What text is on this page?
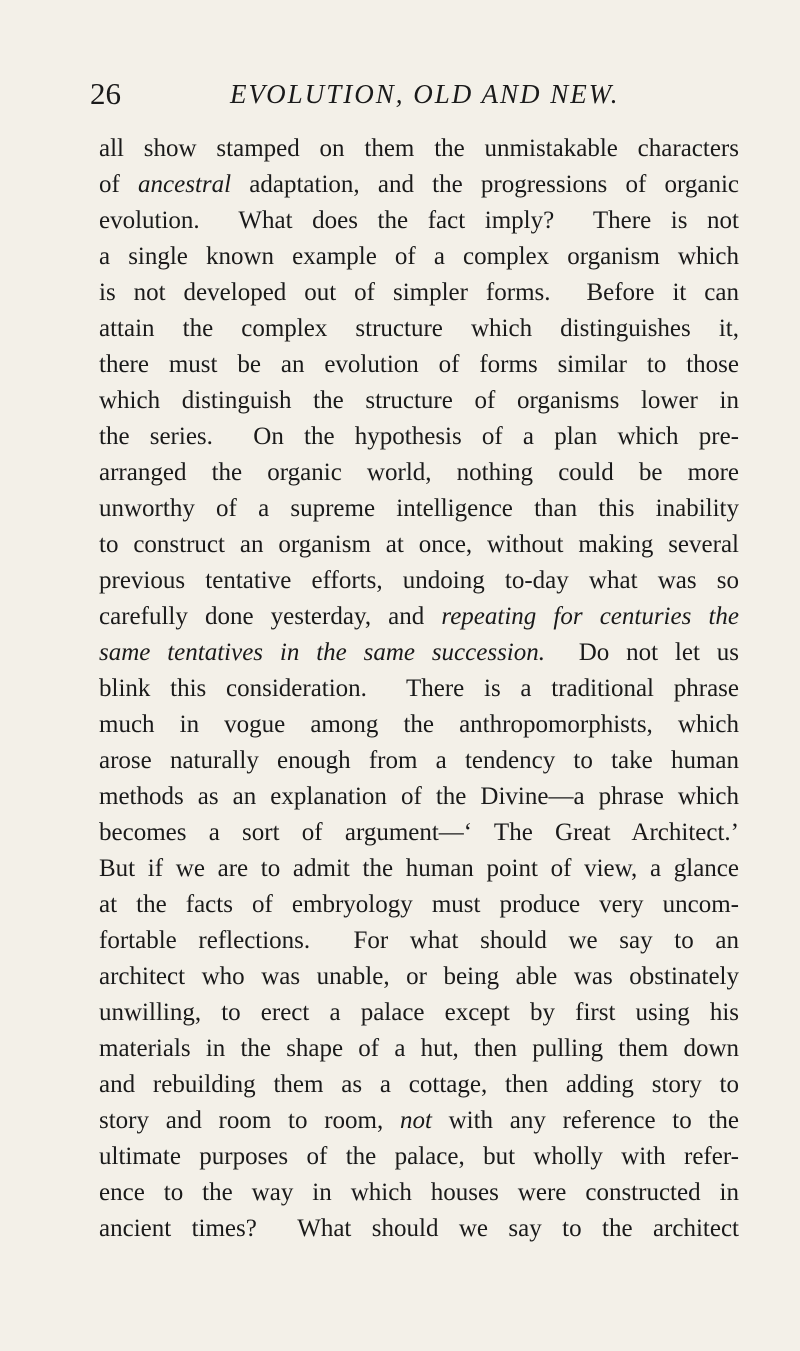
26	EVOLUTION, OLD AND NEW.
all show stamped on them the unmistakable characters
of ancestral adaptation, and the progressions of organic
evolution.  What does the fact imply?  There is not
a single known example of a complex organism which
is not developed out of simpler forms.  Before it can
attain the complex structure which distinguishes it,
there must be an evolution of forms similar to those
which distinguish the structure of organisms lower in
the series.  On the hypothesis of a plan which pre-
arranged the organic world, nothing could be more
unworthy of a supreme intelligence than this inability
to construct an organism at once, without making several
previous tentative efforts, undoing to-day what was so
carefully done yesterday, and repeating for centuries the
same tentatives in the same succession.  Do not let us
blink this consideration.  There is a traditional phrase
much in vogue among the anthropomorphists, which
arose naturally enough from a tendency to take human
methods as an explanation of the Divine—a phrase which
becomes a sort of argument—‘ The Great Architect.’
But if we are to admit the human point of view, a glance
at the facts of embryology must produce very uncom-
fortable reflections.  For what should we say to an
architect who was unable, or being able was obstinately
unwilling, to erect a palace except by first using his
materials in the shape of a hut, then pulling them down
and rebuilding them as a cottage, then adding story to
story and room to room, not with any reference to the
ultimate purposes of the palace, but wholly with refer-
ence to the way in which houses were constructed in
ancient times?  What should we say to the architect
